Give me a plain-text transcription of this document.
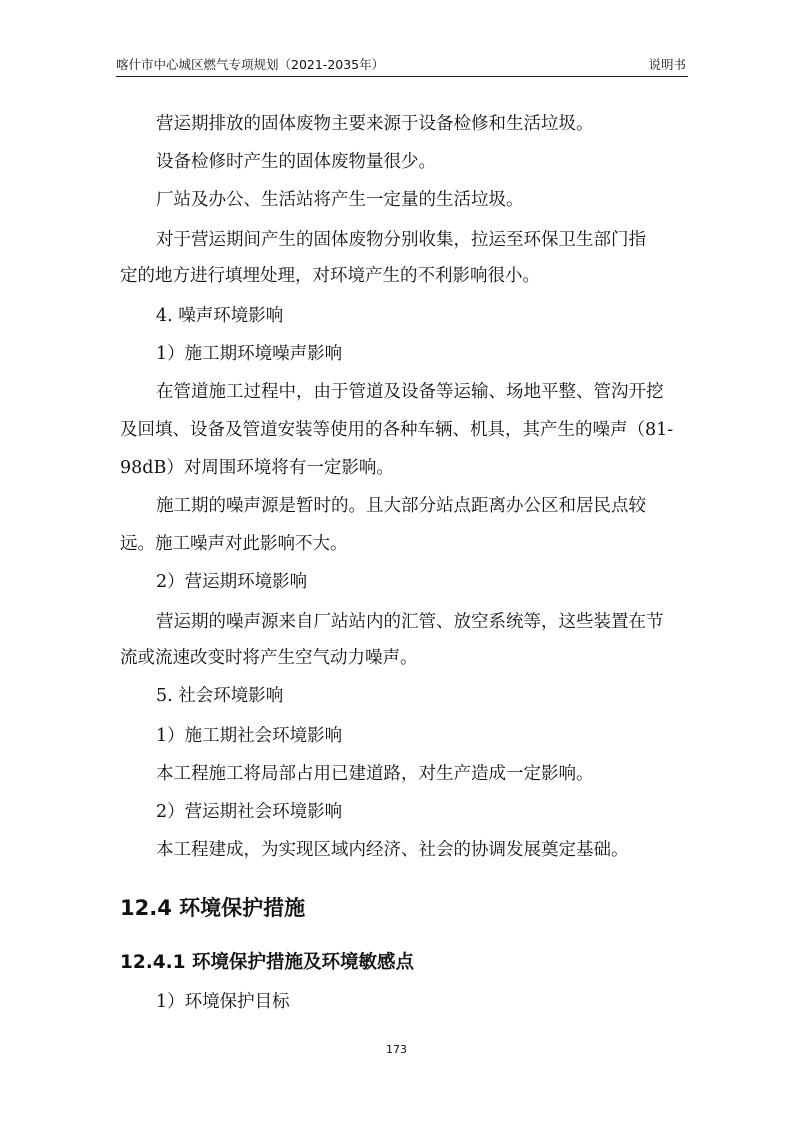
喀什市中心城区燃气专项规划（2021-2035年）	说明书
营运期排放的固体废物主要来源于设备检修和生活垃圾。
设备检修时产生的固体废物量很少。
厂站及办公、生活站将产生一定量的生活垃圾。
对于营运期间产生的固体废物分别收集，拉运至环保卫生部门指
定的地方进行填埋处理，对环境产生的不利影响很小。
4. 噪声环境影响
1）施工期环境噪声影响
在管道施工过程中，由于管道及设备等运输、场地平整、管沟开挖
及回填、设备及管道安装等使用的各种车辆、机具，其产生的噪声（81-
98dB）对周围环境将有一定影响。
施工期的噪声源是暂时的。且大部分站点距离办公区和居民点较
远。施工噪声对此影响不大。
2）营运期环境影响
营运期的噪声源来自厂站站内的汇管、放空系统等，这些装置在节
流或流速改变时将产生空气动力噪声。
5. 社会环境影响
1）施工期社会环境影响
本工程施工将局部占用已建道路，对生产造成一定影响。
2）营运期社会环境影响
本工程建成，为实现区域内经济、社会的协调发展奠定基础。
12.4 环境保护措施
12.4.1 环境保护措施及环境敏感点
1）环境保护目标
173
